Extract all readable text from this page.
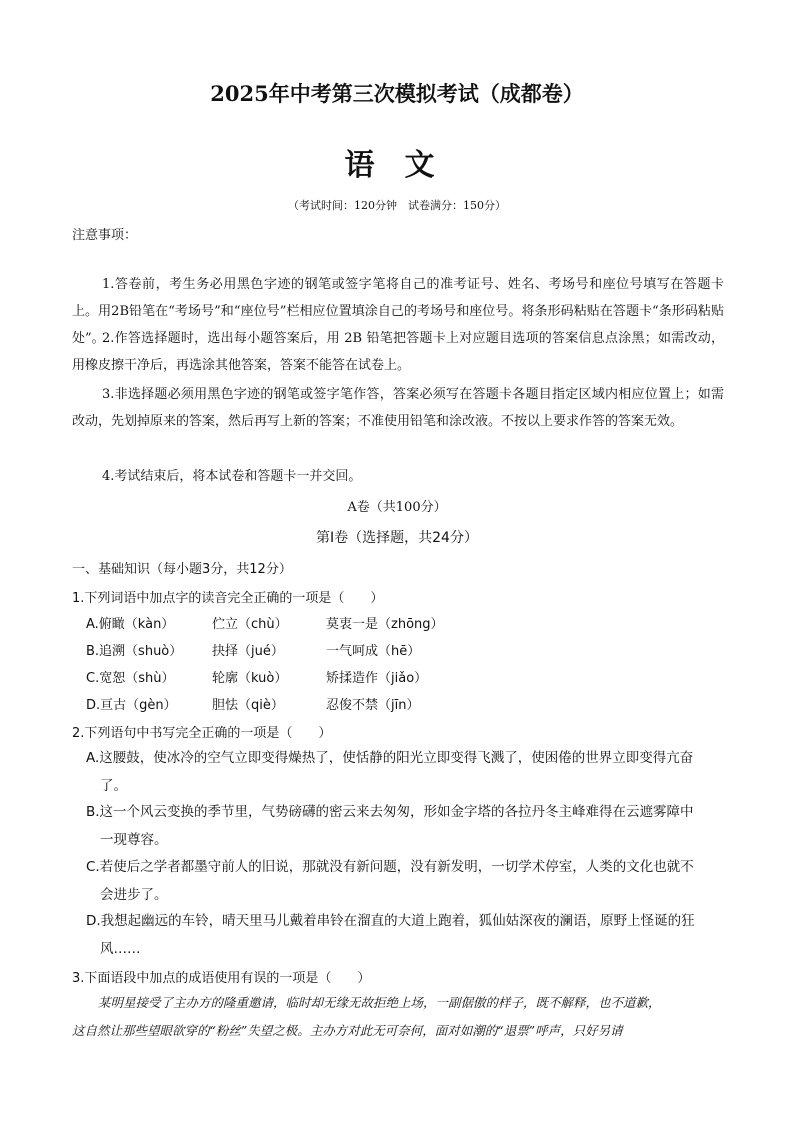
2025年中考第三次模拟考试（成都卷）
语文
（考试时间：120分钟　试卷满分：150分）
注意事项：
1.答卷前，考生务必用黑色字迹的钢笔或签字笔将自己的准考证号、姓名、考场号和座位号填写在答题卡上。用2B铅笔在“考场号”和“座位号”栏相应位置填涂自己的考场号和座位号。将条形码粘贴在答题卡“条形码粘贴处”。
2.作答选择题时，选出每小题答案后，用 2B 铅笔把答题卡上对应题目选项的答案信息点涂黑；如需改动，用橡皮擦干净后，再选涂其他答案，答案不能答在试卷上。
3.非选择题必须用黑色字迹的钢笔或签字笔作答，答案必须写在答题卡各题目指定区域内相应位置上；如需改动，先划掉原来的答案，然后再写上新的答案；不准使用铅笔和涂改液。不按以上要求作答的答案无效。
4.考试结束后，将本试卷和答题卡一并交回。
A卷（共100分）
第Ⅰ卷（选择题，共24分）
一、基础知识（每小题3分，共12分）
1.下列词语中加点字的读音完全正确的一项是（　　）
A.俯瞰（kàn）	伫立（chù）	莫衷一是（zhōng）
B.追溯（shuò） 抉择（jué）	一气呵成（hē）
C.宽恕（shù）	轮廓（kuò）	矫揉造作（jiǎo）
D.亘古（gèn）	胆怯（qiè）	忍俊不禁（jīn）
2.下列语句中书写完全正确的一项是（　　）
A.这腰鼓，使冰冷的空气立即变得燥热了，使恬静的阳光立即变得飞溅了，使困倦的世界立即变得亢奋
了。
B.这一个风云变换的季节里，气势磅礴的密云来去匆匆，形如金字塔的各拉丹冬主峰难得在云遮雾障中
一现尊容。
C.若使后之学者都墨守前人的旧说，那就没有新问题，没有新发明，一切学术停室，人类的文化也就不
会进步了。
D.我想起幽远的车铃，晴天里马儿戴着串铃在溜直的大道上跑着，狐仙姑深夜的澜语，原野上怪诞的狂
风……
3.下面语段中加点的成语使用有误的一项是（　　）
某明星接受了主办方的隆重邀请，临时却无缘无故拒绝上场，一副倨傲的样子，既不解释，也不道歉，
这自然让那些望眼欲穿的“粉丝”失望之极。主办方对此无可奈何，面对如潮的“退票”呼声，只好另请
